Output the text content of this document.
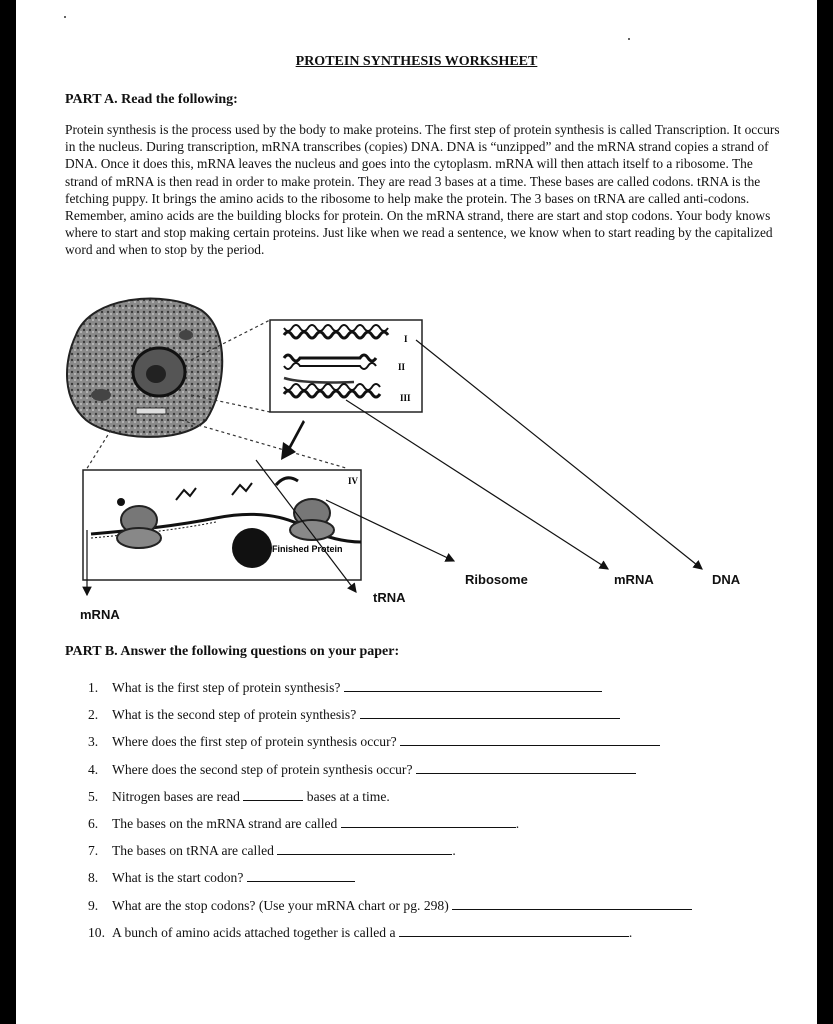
PROTEIN SYNTHESIS WORKSHEET
PART A. Read the following:

Protein synthesis is the process used by the body to make proteins. The first step of protein synthesis is called Transcription. It occurs in the nucleus. During transcription, mRNA transcribes (copies) DNA. DNA is “unzipped” and the mRNA strand copies a strand of DNA. Once it does this, mRNA leaves the nucleus and goes into the cytoplasm. mRNA will then attach itself to a ribosome. The strand of mRNA is then read in order to make protein. They are read 3 bases at a time. These bases are called codons. tRNA is the fetching puppy. It brings the amino acids to the ribosome to help make the protein. The 3 bases on tRNA are called anti-codons. Remember, amino acids are the building blocks for protein. On the mRNA strand, there are start and stop codons. Your body knows where to start and stop making certain proteins. Just like when we read a sentence, we know when to start reading by the capitalized word and when to stop by the period.

I
II
III
IV
Finished Protein
Ribosome	mRNA	DNA
tRNA
mRNA
PART B. Answer the following questions on your paper:
1. What is the first step of protein synthesis?
2. What is the second step of protein synthesis?
3. Where does the first step of protein synthesis occur?
4. Where does the second step of protein synthesis occur?
5. Nitrogen bases are read	bases at a time.
6. The bases on the mRNA strand are called	.
7. The bases on tRNA are called	.
8. What is the start codon?
9. What are the stop codons? (Use your mRNA chart or pg. 298)
10. A bunch of amino acids attached together is called a	.
